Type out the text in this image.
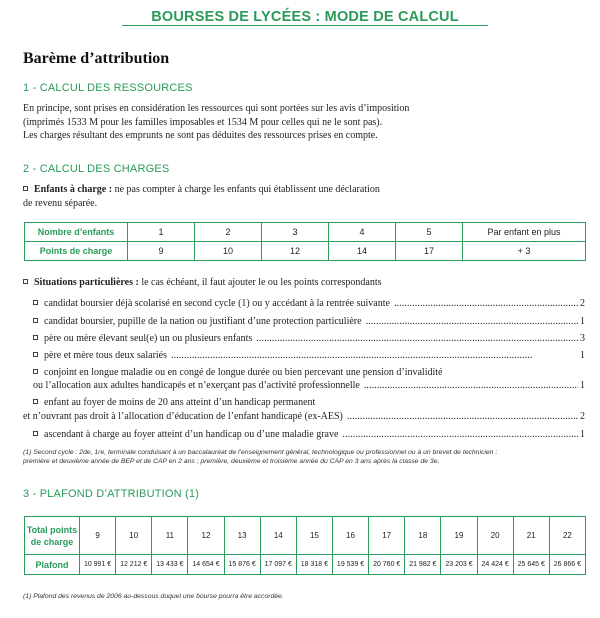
BOURSES DE LYCÉES : MODE DE CALCUL
Barème d’attribution
1 - CALCUL DES RESSOURCES
En principe, sont prises en considération les ressources qui sont portées sur les avis d’imposition
(imprimés 1533 M pour les familles imposables et 1534 M pour celles qui ne le sont pas).
Les charges résultant des emprunts ne sont pas déduites des ressources prises en compte.
2 - CALCUL DES CHARGES
Enfants à charge : ne pas compter à charge les enfants qui établissent une déclaration
de revenu séparée.
Nombre d’enfants	1	2	3	4	5	Par enfant en plus
Points de charge	9	10	12	14	17	+ 3
Situations particulières : le cas échéant, il faut ajouter le ou les points correspondants
candidat boursier déjà scolarisé en second cycle (1) ou y accédant à la rentrée suivante . . .	2
candidat boursier, pupille de la nation ou justifiant d’une protection particulière . . .	1
père ou mère élevant seul(e) un ou plusieurs enfants . . .	3
père et mère tous deux salariés . . .	1
conjoint en longue maladie ou en congé de longue durée ou bien percevant une pension d’invalidité
ou l’allocation aux adultes handicapés et n’exerçant pas d’activité professionnelle . . .	1
enfant au foyer de moins de 20 ans atteint d’un handicap permanent
et n’ouvrant pas droit à l’allocation d’éducation de l’enfant handicapé (ex-AES) . . .	2
ascendant à charge au foyer atteint d’un handicap ou d’une maladie grave . . .	1
(1) Second cycle : 2de, 1re, terminale conduisant à un baccalauréat de l’enseignement général, technologique ou professionnel ou à un brevet de technicien ;
première et deuxième année de BEP et de CAP en 2 ans ; première, deuxième et troisième année du CAP en 3 ans après la classe de 3e.
3 - PLAFOND D’ATTRIBUTION (1)
Total points
de charge	9	10	11	12	13	14	15	16	17	18	19	20	21	22
Plafond	10 991 €	12 212 €	13 433 €	14 654 €	15 876 €	17 097 €	18 318 €	19 539 €	20 760 €	21 982 €	23 203 €	24 424 €	25 645 €	26 866 €
(1) Plafond des revenus de 2006 au-dessous duquel une bourse pourra être accordée.
